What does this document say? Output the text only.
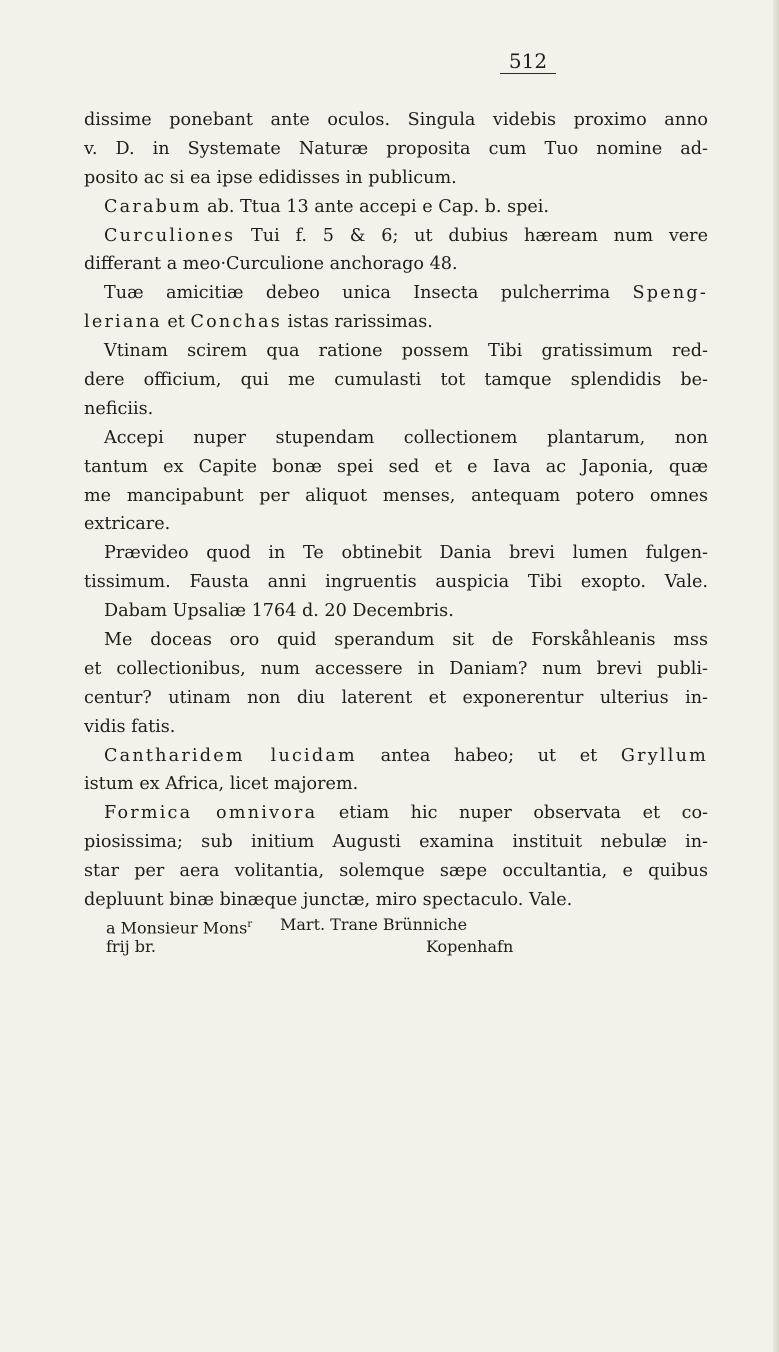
512
dissime ponebant ante oculos. Singula videbis proximo anno
v. D. in Systemate Naturæ proposita cum Tuo nomine ad-
posito ac si ea ipse edidisses in publicum.
Carabum ab. Ttua 13 ante accepi e Cap. b. spei.
Curculiones Tui f. 5 & 6; ut dubius hæream num vere
differant a meo·Curculione anchorago 48.
Tuæ amicitiæ debeo unica Insecta pulcherrima Speng-
leriana et Conchas istas rarissimas.
Vtinam scirem qua ratione possem Tibi gratissimum red-
dere officium, qui me cumulasti tot tamque splendidis be-
neficiis.
Accepi nuper stupendam collectionem plantarum, non
tantum ex Capite bonæ spei sed et e Iava ac Japonia, quæ
me mancipabunt per aliquot menses, antequam potero omnes
extricare.
Prævideo quod in Te obtinebit Dania brevi lumen fulgen-
tissimum. Fausta anni ingruentis auspicia Tibi exopto. Vale.
Dabam Upsaliæ 1764 d. 20 Decembris.
Me doceas oro quid sperandum sit de Forskåhleanis mss
et collectionibus, num accessere in Daniam? num brevi publi-
centur? utinam non diu laterent et exponerentur ulterius in-
vidis fatis.
Cantharidem lucidam antea habeo; ut et Gryllum
istum ex Africa, licet majorem.
Formica omnivora etiam hic nuper observata et co-
piosissima; sub initium Augusti examina instituit nebulæ in-
star per aera volitantia, solemque sæpe occultantia, e quibus
depluunt binæ binæque junctæ, miro spectaculo. Vale.
a Monsieur Mons$^r$ Mart. Trane Brünniche
frij br.	Kopenhafn
